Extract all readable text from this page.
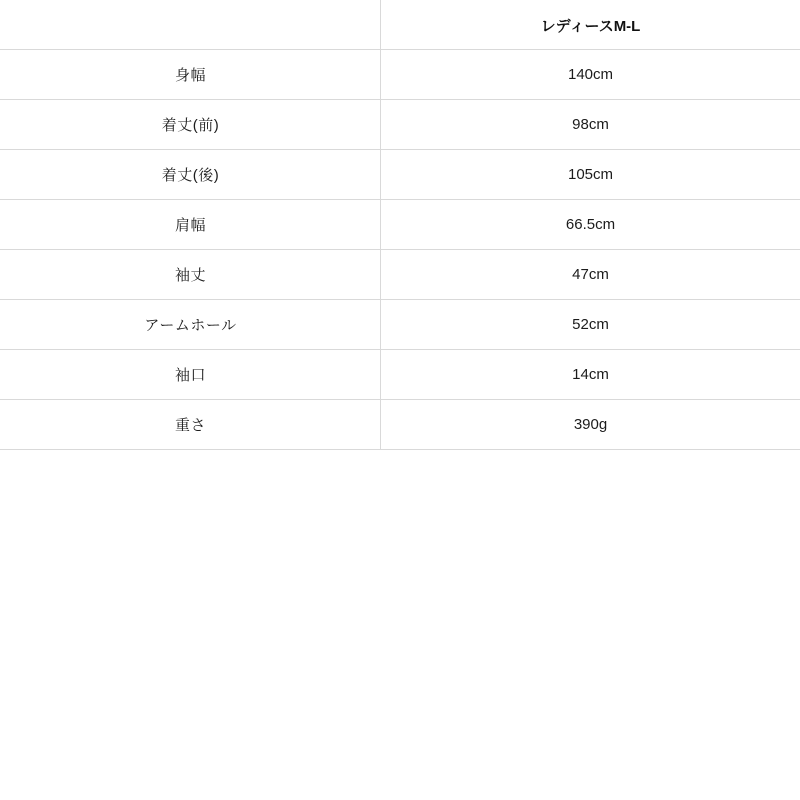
	レディースM-L
身幅	140cm
着丈(前)	98cm
着丈(後)	105cm
肩幅	66.5cm
袖丈	47cm
アームホール	52cm
袖口	14cm
重さ	390g
